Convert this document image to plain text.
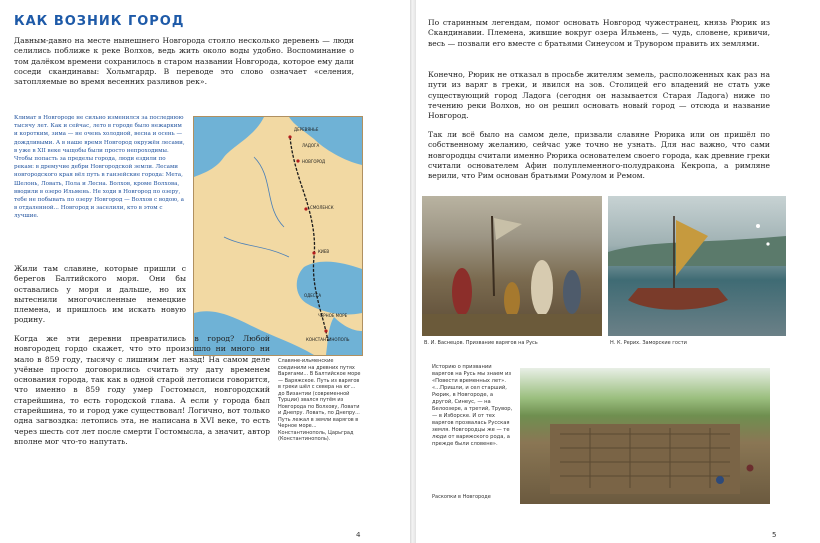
КАК ВОЗНИК ГОРОД

Давным-давно на месте нынешнего Новгорода стояло несколько деревень — люди селились поближе к реке Волхов, ведь жить около воды удобно. Воспоминание о том далёком времени сохранилось в старом названии Новгорода, которое ему дали соседи скандинавы: Хольмгардр. В переводе это слово означает «селения, затопляемые во время весенних разливов рек».

Климат в Новгороде не сильно изменился за последнюю тысячу лет. Как и сейчас, лето в городе было нежарким и коротким, зима — не очень холодной, весна и осень — дождливыми. А в наше время Новгород окружён лесами, в уже в XII веке чащобы были просто непроходимы. Чтобы попасть за пределы города, люди ездили по рекам: в дремучие дебри Новгородской земли. Лесами новгородского края вёл путь в ганзейские города: Мета, Шелонь, Ловать, Пола и Лесна. Волхов, кроме Волхова, вводили в озеро Ильмень. Не ходи в Новгород по озеру, тебе не побывать по озеру Новгород — Волхов с водою, а в отдаленной... Новгород и заселили, кто в этом с лучшие.

ДЕРЕВЯНЬЕ
ЛАДОГА
НОВГОРОД
СМОЛЕНСК
КИЕВ
ОДЕССА
ЧЁРНОЕ МОРЕ
КОНСТАНТИНОПОЛЬ

Жили там славяне, которые пришли с берегов Балтийского моря. Они бы оставались у моря и дальше, но их вытеснили многочисленные немецкие племена, и пришлось им искать новую родину.

Когда же эти деревни превратились в город? Любой новгородец гордо скажет, что это произошло ни много ни мало в 859 году, тысячу с лишним лет назад! На самом деле учёные просто договорились считать эту дату временем основания города, так как в одной старой летописи говорится, что именно в 859 году умер Гостомысл, новгородский старейшина, то есть городской глава. А если у города был старейшина, то и город уже существовал! Логично, вот только одна загвоздка: летопись эта, не написана в XVI веке, то есть через шесть сот лет после смерти Гостомысла, а значит, автор вполне мог что-то напутать.

Славяне-ильменские соединили на древних путях Варягами... В Балтийское море — Варяжское. Путь из варягов в греки шёл с севера на юг... до Византии (современной Турции) звался путём из Новгорода по Волхову, Ловати и Днепру. Ловать, по Днепру... Путь лежал в земли варягов в Черное море... Константинополь, Царьград (Константинополь).

4

По старинным легендам, помог основать Новгород чужестранец, князь Рюрик из Скандинавии. Племена, жившие вокруг озера Ильмень, — чудь, словене, кривичи, весь — позвали его вместе с братьями Синеусом и Трувором править их землями.

Конечно, Рюрик не отказал в просьбе жителям земель, расположенных как раз на пути из варяг в греки, и явился на зов. Столицей его владений не стать уже существующий город Ладога (сегодня он называется Старая Ладога) ниже по течению реки Волхов, но он решил основать новый город — отсюда и название Новгород.

Так ли всё было на самом деле, призвали славяне Рюрика или он пришёл по собственному желанию, сейчас уже точно не узнать. Для нас важно, что сами новгородцы считали именно Рюрика основателем своего города, как древние греки считали основателем Афин полуплеменного-полудракона Кекропа, а римляне верили, что Рим основан братьями Ромулом и Ремом.

В. И. Васнецов. Призвание варягов на Русь	Н. К. Рерих. Заморские гости

Историю о призвании варягов на Русь мы знаем из «Повести временных лет». «...Пришли, и сел старший, Рюрик, в Новгороде, а другой, Синеус, — на Белоозере, а третий, Трувор, — в Изборске. И от тех варягов прозвалась Русская земля. Новгородцы же — те люди от варяжского рода, а прежде были словене».

Раскопки в Новгороде

5
